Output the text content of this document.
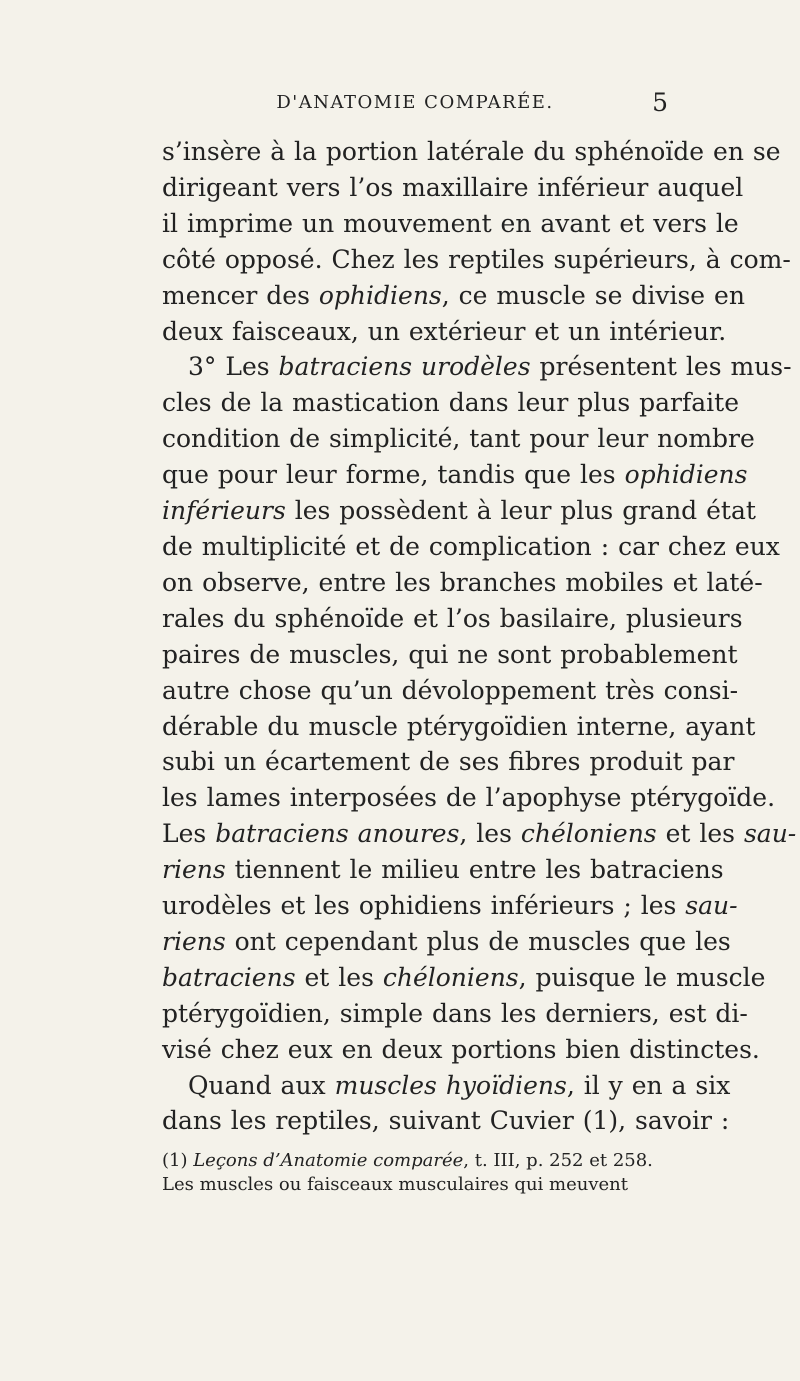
D'ANATOMIE COMPARÉE.	5
s’insère à la portion latérale du sphénoïde en se
dirigeant vers l’os maxillaire inférieur auquel
il imprime un mouvement en avant et vers le
côté opposé. Chez les reptiles supérieurs, à com-
mencer des ophidiens, ce muscle se divise en
deux faisceaux, un extérieur et un intérieur.
3° Les batraciens urodèles présentent les mus-
cles de la mastication dans leur plus parfaite
condition de simplicité, tant pour leur nombre
que pour leur forme, tandis que les ophidiens
inférieurs les possèdent à leur plus grand état
de multiplicité et de complication : car chez eux
on observe, entre les branches mobiles et laté-
rales du sphénoïde et l’os basilaire, plusieurs
paires de muscles, qui ne sont probablement
autre chose qu’un dévoloppement très consi-
dérable du muscle ptérygoïdien interne, ayant
subi un écartement de ses fibres produit par
les lames interposées de l’apophyse ptérygoïde.
Les batraciens anoures, les chéloniens et les sau-
riens tiennent le milieu entre les batraciens
urodèles et les ophidiens inférieurs ; les sau-
riens ont cependant plus de muscles que les
batraciens et les chéloniens, puisque le muscle
ptérygoïdien, simple dans les derniers, est di-
visé chez eux en deux portions bien distinctes.
Quand aux muscles hyoïdiens, il y en a six
dans les reptiles, suivant Cuvier (1), savoir :
(1) Leçons d’Anatomie comparée, t. III, p. 252 et 258.
Les muscles ou faisceaux musculaires qui meuvent
